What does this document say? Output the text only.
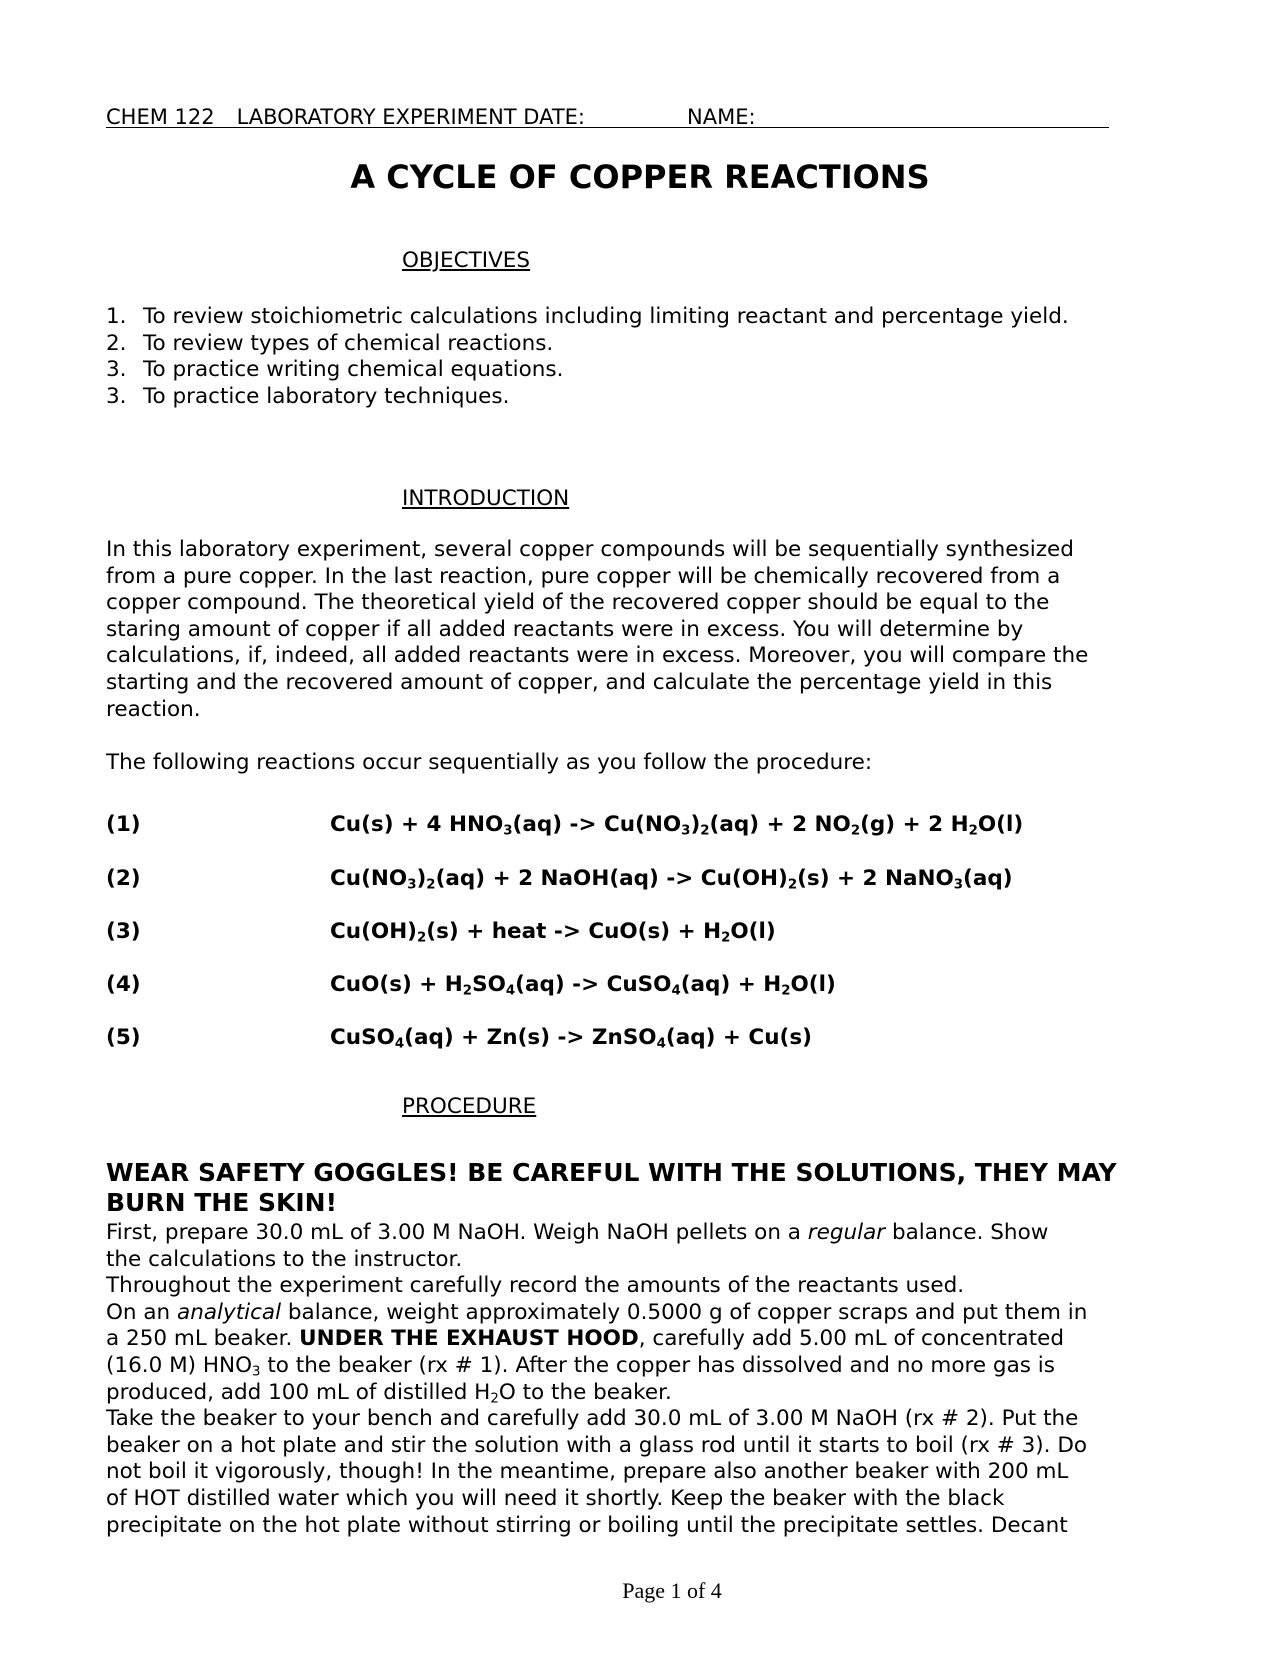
CHEM 122 LABORATORY EXPERIMENT DATE:	NAME:
A CYCLE OF COPPER REACTIONS
OBJECTIVES
1. To review stoichiometric calculations including limiting reactant and percentage yield.
2. To review types of chemical reactions.
3. To practice writing chemical equations.
3. To practice laboratory techniques.
INTRODUCTION
In this laboratory experiment, several copper compounds will be sequentially synthesized
from a pure copper. In the last reaction, pure copper will be chemically recovered from a
copper compound. The theoretical yield of the recovered copper should be equal to the
staring amount of copper if all added reactants were in excess. You will determine by
calculations, if, indeed, all added reactants were in excess. Moreover, you will compare the
starting and the recovered amount of copper, and calculate the percentage yield in this
reaction.
The following reactions occur sequentially as you follow the procedure:
(1)	Cu(s) + 4 $HNO_3(aq) -> Cu(NO_3)_2(aq) + 2$ $NO_2(g) + 2$ $H_2O(l)$
(2)	$Cu(NO_3)_2(aq) + 2$ NaOH(aq) -> $Cu(OH)_2(s) + 2$ NaNO$_3$(aq)
(3)	$Cu(OH)_2(s)$ + heat -> $CuO(s) + H_2O(l)$
(4)	$CuO(s) + H_2SO_4(aq)$ -> CuSO$_4$(aq) + $H_2O(l)$
(5)	CuSO$_4$(aq) + Zn(s) -> ZnSO$_4$(aq) + Cu(s)
PROCEDURE
WEAR SAFETY GOGGLES! BE CAREFUL WITH THE SOLUTIONS, THEY MAY BURN THE SKIN!
First, prepare 30.0 mL of 3.00 M NaOH. Weigh NaOH pellets on a regular balance. Show
the calculations to the instructor.
Throughout the experiment carefully record the amounts of the reactants used.
On an analytical balance, weight approximately 0.5000 g of copper scraps and put them in
a 250 mL beaker. UNDER THE EXHAUST HOOD, carefully add 5.00 mL of concentrated
(16.0 M) $HNO_3$ to the beaker (rx # 1). After the copper has dissolved and no more gas is
produced, add 100 mL of distilled $H_2O$ to the beaker.
Take the beaker to your bench and carefully add 30.0 mL of 3.00 M NaOH (rx # 2). Put the
beaker on a hot plate and stir the solution with a glass rod until it starts to boil (rx # 3). Do
not boil it vigorously, though! In the meantime, prepare also another beaker with 200 mL
of HOT distilled water which you will need it shortly. Keep the beaker with the black
precipitate on the hot plate without stirring or boiling until the precipitate settles. Decant
Page 1 of 4
